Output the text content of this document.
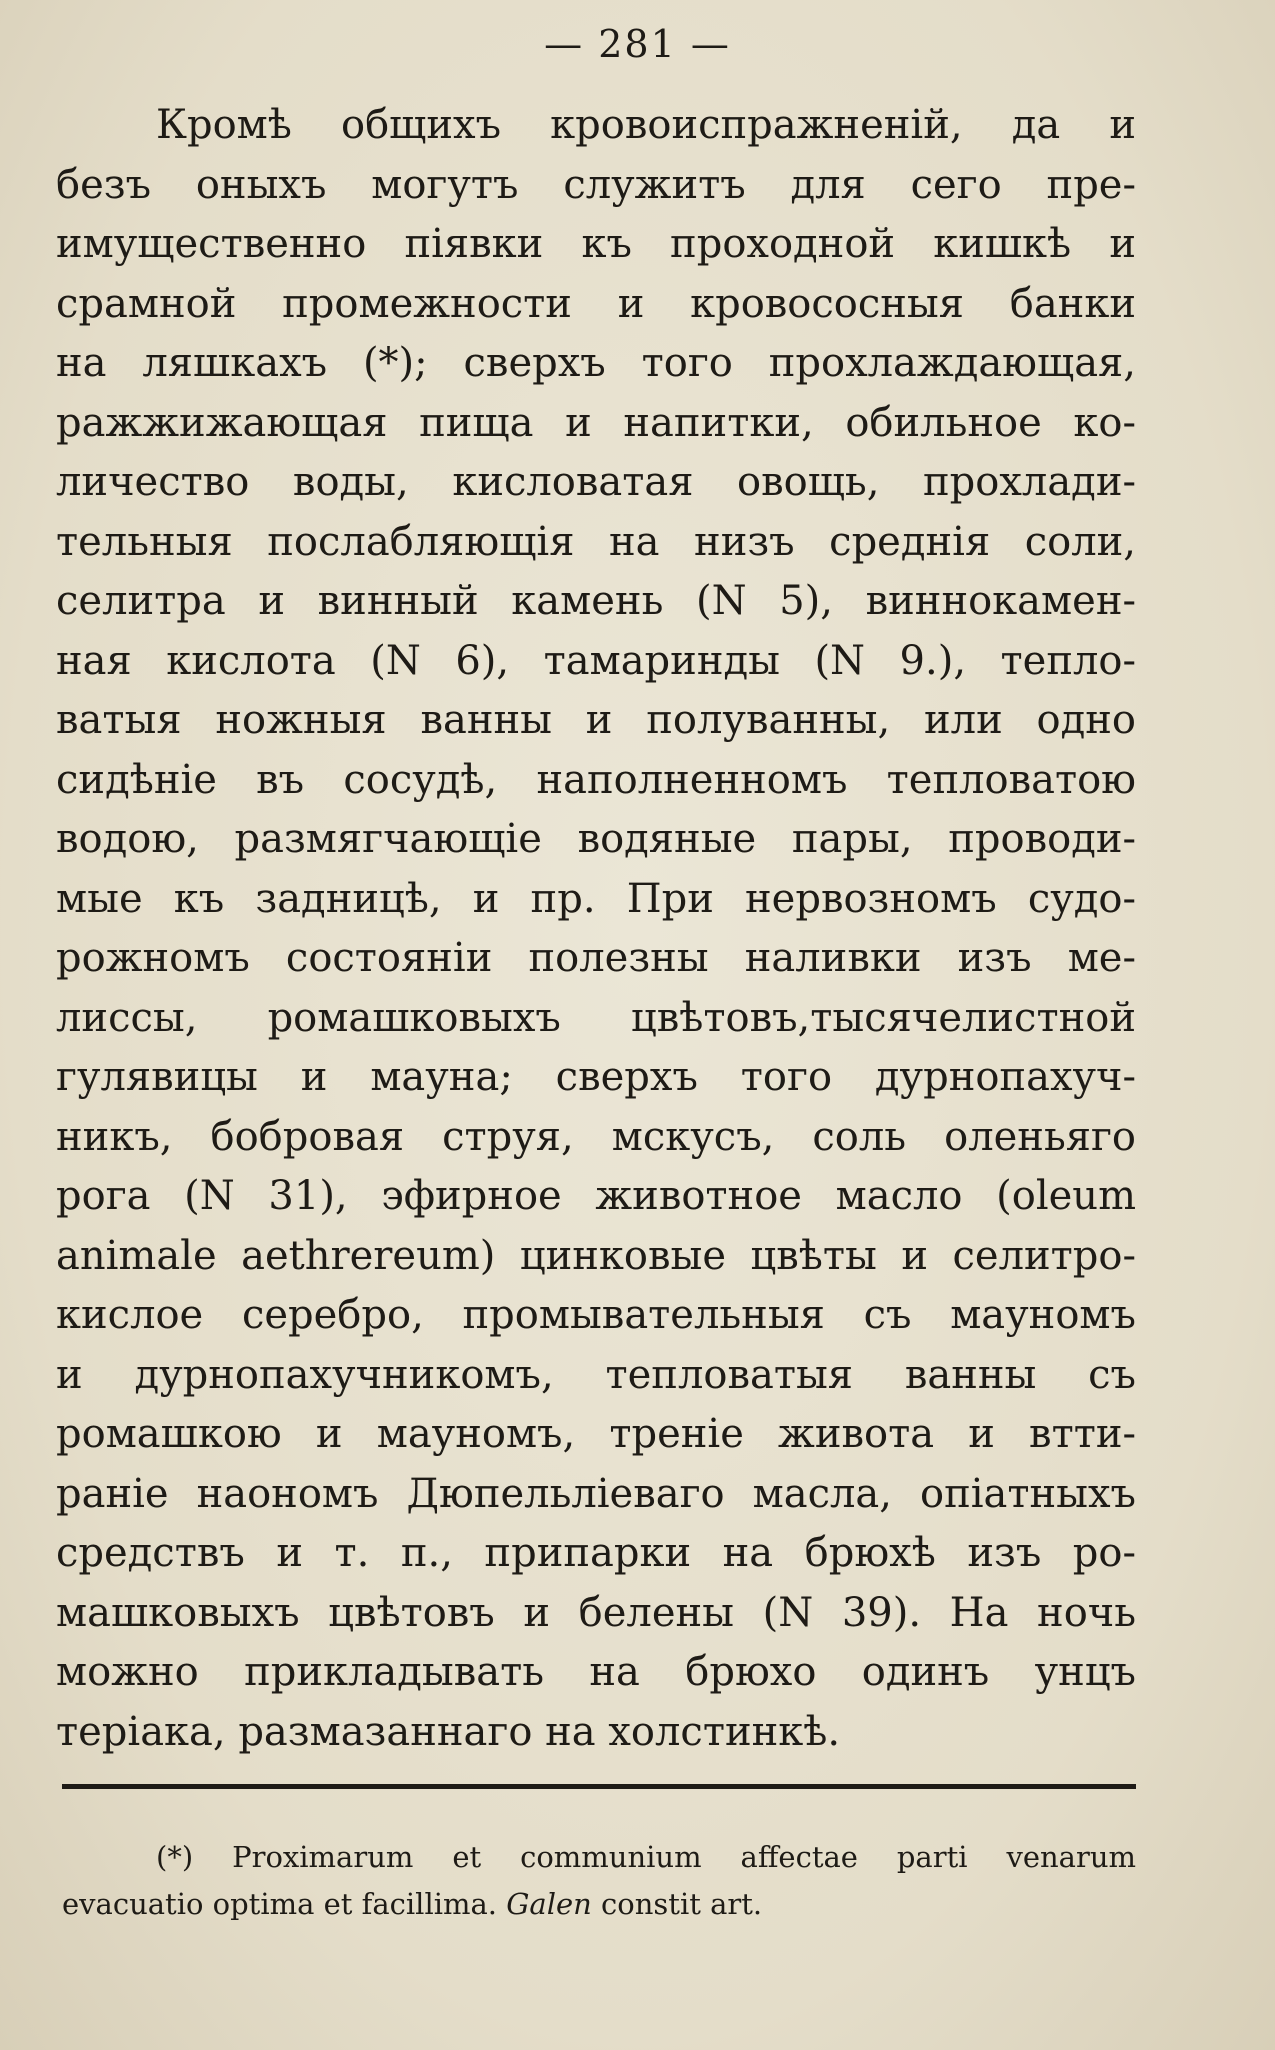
— 281 —
Кромѣ общихъ кровоиспражненій, да и
безъ оныхъ могутъ служитъ для сего пре-
имущественно піявки къ проходной кишкѣ и
срамной промежности и кровососныя банки
на ляшкахъ (*); сверхъ того прохлаждающая,
ражжижающая пища и напитки, обильное ко-
личество воды, кисловатая овощь, прохлади-
тельныя послабляющія на низъ среднія соли,
селитра и винный камень (N 5), виннокамен-
ная кислота (N 6), тамаринды (N 9.), тепло-
ватыя ножныя ванны и полуванны, или одно
сидѣніе въ сосудѣ, наполненномъ тепловатою
водою, размягчающіе водяные пары, проводи-
мые къ задницѣ, и пр. При нервозномъ судо-
рожномъ состояніи полезны наливки изъ ме-
лиссы, ромашковыхъ цвѣтовъ,тысячелистной
гулявицы и мауна; сверхъ того дурнопахуч-
никъ, бобровая струя, мскусъ, соль оленьяго
рога (N 31), эфирное животное масло (oleum
animale aethrereum) цинковые цвѣты и селитро-
кислое серебро, промывательныя съ мауномъ
и дурнопахучникомъ, тепловатыя ванны съ
ромашкою и мауномъ, треніе живота и втти-
раніе наономъ Дюпельліеваго масла, опіатныхъ
средствъ и т. п., припарки на брюхѣ изъ ро-
машковыхъ цвѣтовъ и белены (N 39). На ночь
можно прикладывать на брюхо одинъ унцъ
теріака, размазаннаго на холстинкѣ.
(*) Proximarum et communium affectae parti venarum
evacuatio optima et facillima. Galen constit art.
